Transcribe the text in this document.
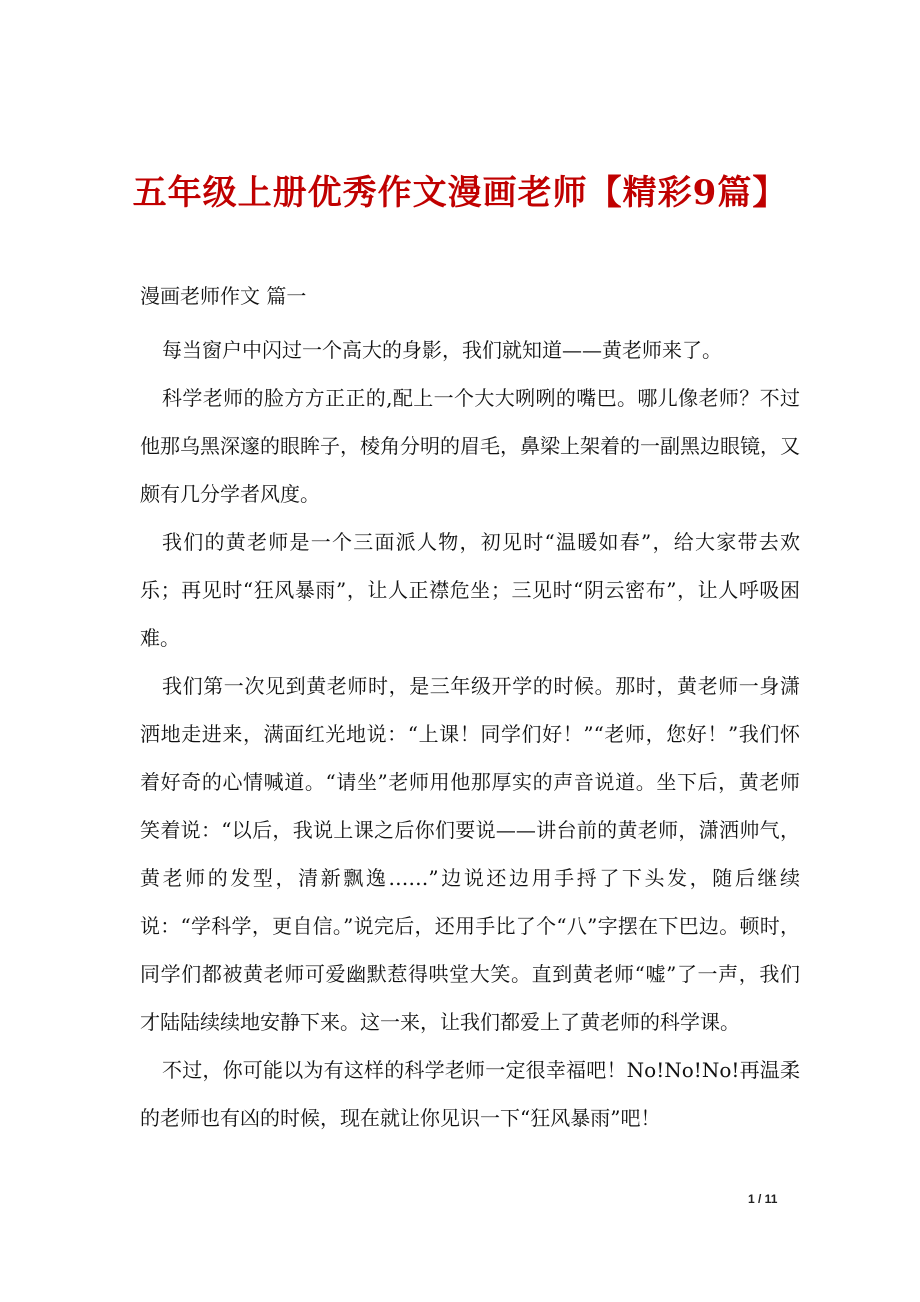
五年级上册优秀作文漫画老师【精彩9篇】
漫画老师作文 篇一

每当窗户中闪过一个高大的身影，我们就知道——黄老师来了。

科学老师的脸方方正正的,配上一个大大咧咧的嘴巴。哪儿像老师？不过他那乌黑深邃的眼眸子，棱角分明的眉毛，鼻梁上架着的一副黑边眼镜，又颇有几分学者风度。

我们的黄老师是一个三面派人物，初见时“温暖如春”，给大家带去欢乐；再见时“狂风暴雨”，让人正襟危坐；三见时“阴云密布”，让人呼吸困难。

我们第一次见到黄老师时，是三年级开学的时候。那时，黄老师一身潇洒地走进来，满面红光地说：“上课！同学们好！”“老师，您好！”我们怀着好奇的心情喊道。“请坐”老师用他那厚实的声音说道。坐下后，黄老师笑着说：“以后，我说上课之后你们要说——讲台前的黄老师，潇洒帅气，黄老师的发型，清新飘逸……”边说还边用手捋了下头发，随后继续说：“学科学，更自信。”说完后，还用手比了个“八”字摆在下巴边。顿时，同学们都被黄老师可爱幽默惹得哄堂大笑。直到黄老师“嘘”了一声，我们才陆陆续续地安静下来。这一来，让我们都爱上了黄老师的科学课。

不过，你可能以为有这样的科学老师一定很幸福吧！No!No!No!再温柔的老师也有凶的时候，现在就让你见识一下“狂风暴雨”吧！

1 / 11
